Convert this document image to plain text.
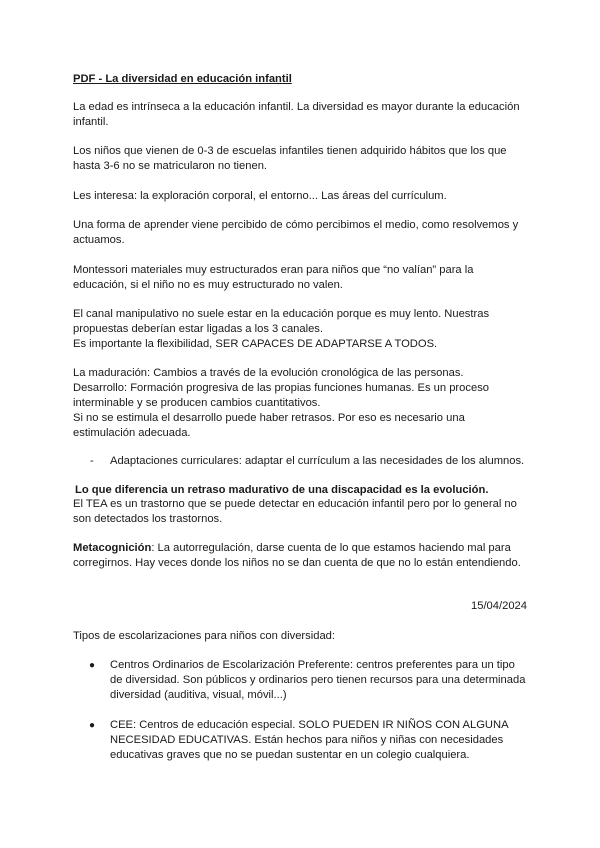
PDF - La diversidad en educación infantil
La edad es intrínseca a la educación infantil. La diversidad es mayor durante la educación infantil.
Los niños que vienen de 0-3 de escuelas infantiles tienen adquirido hábitos que los que hasta 3-6 no se matricularon no tienen.
Les interesa: la exploración corporal, el entorno... Las áreas del currículum.
Una forma de aprender viene percibido de cómo percibimos el medio, como resolvemos y actuamos.
Montessori materiales muy estructurados eran para niños que “no valían” para la educación, si el niño no es muy estructurado no valen.
El canal manipulativo no suele estar en la educación porque es muy lento. Nuestras propuestas deberían estar ligadas a los 3 canales.
Es importante la flexibilidad, SER CAPACES DE ADAPTARSE A TODOS.
La maduración: Cambios a través de la evolución cronológica de las personas.
Desarrollo: Formación progresiva de las propias funciones humanas. Es un proceso interminable y se producen cambios cuantitativos.
Si no se estimula el desarrollo puede haber retrasos. Por eso es necesario una estimulación adecuada.
- Adaptaciones curriculares: adaptar el currículum a las necesidades de los alumnos.
Lo que diferencia un retraso madurativo de una discapacidad es la evolución.
El TEA es un trastorno que se puede detectar en educación infantil pero por lo general no son detectados los trastornos.
Metacognición: La autorregulación, darse cuenta de lo que estamos haciendo mal para corregirnos. Hay veces donde los niños no se dan cuenta de que no lo están entendiendo.
15/04/2024
Tipos de escolarizaciones para niños con diversidad:
● Centros Ordinarios de Escolarización Preferente: centros preferentes para un tipo de diversidad. Son públicos y ordinarios pero tienen recursos para una determinada diversidad (auditiva, visual, móvil...)
● CEE: Centros de educación especial. SOLO PUEDEN IR NIÑOS CON ALGUNA NECESIDAD EDUCATIVAS. Están hechos para niños y niñas con necesidades educativas graves que no se puedan sustentar en un colegio cualquiera.
